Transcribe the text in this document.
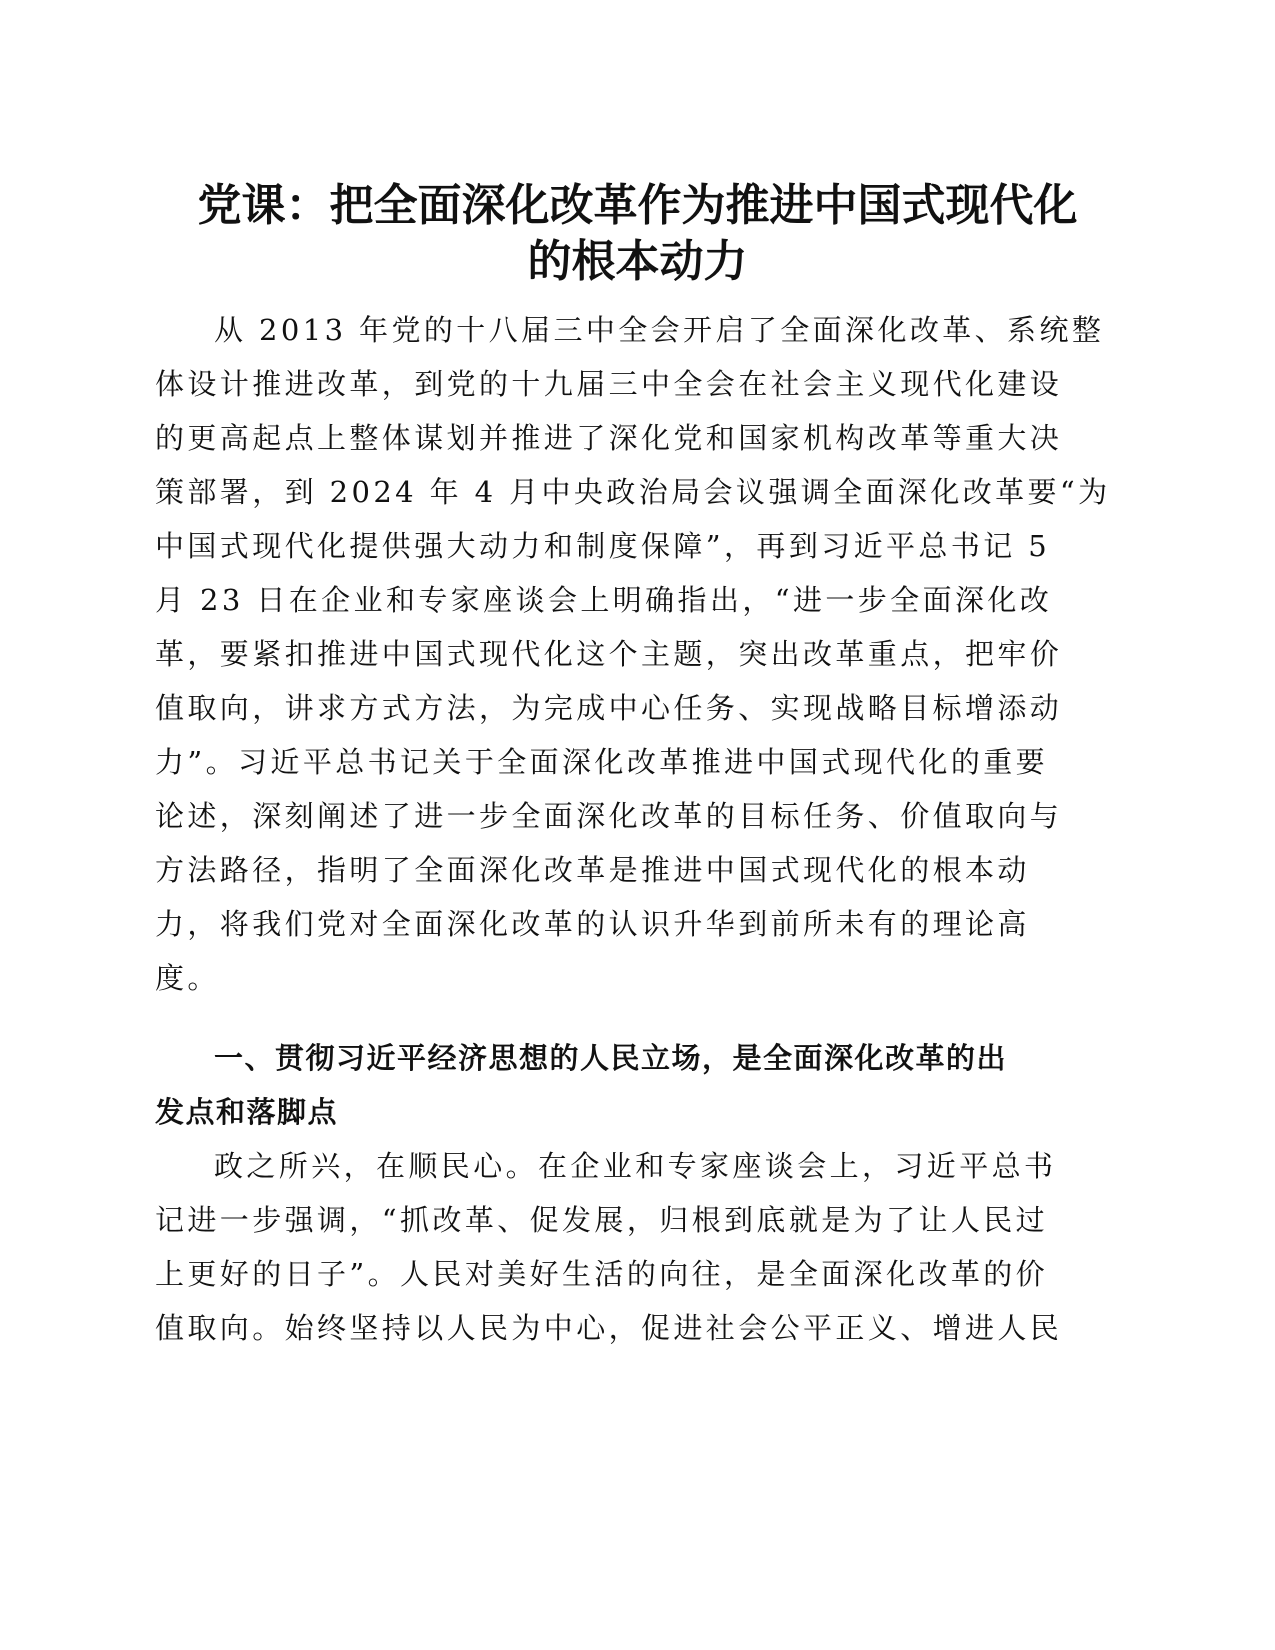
党课：把全面深化改革作为推进中国式现代化
的根本动力
从 2013 年党的十八届三中全会开启了全面深化改革、系统整
体设计推进改革，到党的十九届三中全会在社会主义现代化建设
的更高起点上整体谋划并推进了深化党和国家机构改革等重大决
策部署，到 2024 年 4 月中央政治局会议强调全面深化改革要“为
中国式现代化提供强大动力和制度保障”，再到习近平总书记 5
月 23 日在企业和专家座谈会上明确指出，“进一步全面深化改
革，要紧扣推进中国式现代化这个主题，突出改革重点，把牢价
值取向，讲求方式方法，为完成中心任务、实现战略目标增添动
力”。习近平总书记关于全面深化改革推进中国式现代化的重要
论述，深刻阐述了进一步全面深化改革的目标任务、价值取向与
方法路径，指明了全面深化改革是推进中国式现代化的根本动
力，将我们党对全面深化改革的认识升华到前所未有的理论高
度。
一、贯彻习近平经济思想的人民立场，是全面深化改革的出
发点和落脚点
政之所兴，在顺民心。在企业和专家座谈会上，习近平总书
记进一步强调，“抓改革、促发展，归根到底就是为了让人民过
上更好的日子”。人民对美好生活的向往，是全面深化改革的价
值取向。始终坚持以人民为中心，促进社会公平正义、增进人民
